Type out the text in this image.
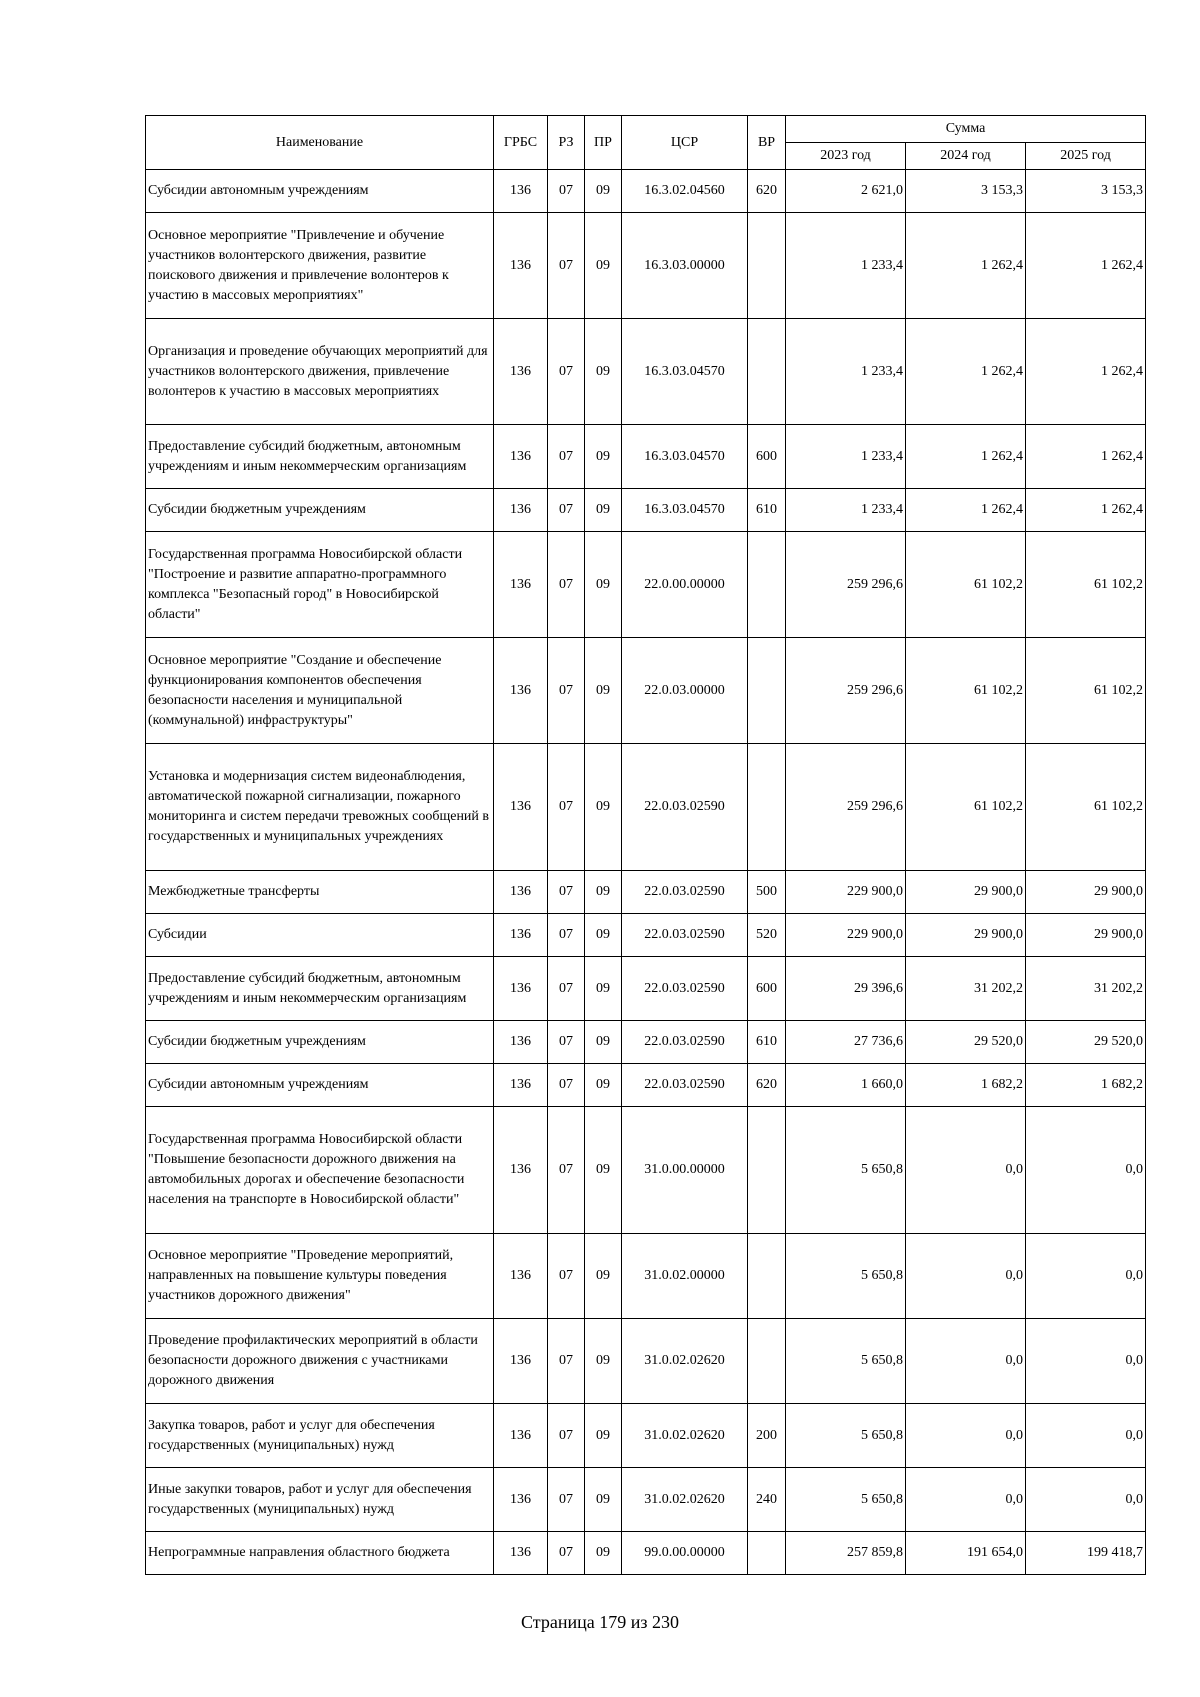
Наименование	ГРБС	РЗ	ПР	ЦСР	ВР	Сумма		
						2023 год	2024 год	2025 год
Субсидии автономным учреждениям	136	07	09	16.3.02.04560	620	2 621,0	3 153,3	3 153,3
Основное мероприятие "Привлечение и обучение участников волонтерского движения, развитие поискового движения и привлечение волонтеров к участию в массовых мероприятиях"	136	07	09	16.3.03.00000		1 233,4	1 262,4	1 262,4
Организация и проведение обучающих мероприятий для участников волонтерского движения, привлечение волонтеров к участию в массовых мероприятиях	136	07	09	16.3.03.04570		1 233,4	1 262,4	1 262,4
Предоставление субсидий бюджетным, автономным учреждениям и иным некоммерческим организациям	136	07	09	16.3.03.04570	600	1 233,4	1 262,4	1 262,4
Субсидии бюджетным учреждениям	136	07	09	16.3.03.04570	610	1 233,4	1 262,4	1 262,4
Государственная программа Новосибирской области "Построение и развитие аппаратно-программного комплекса "Безопасный город" в Новосибирской области"	136	07	09	22.0.00.00000		259 296,6	61 102,2	61 102,2
Основное мероприятие "Создание и обеспечение функционирования компонентов обеспечения безопасности населения и муниципальной (коммунальной) инфраструктуры"	136	07	09	22.0.03.00000		259 296,6	61 102,2	61 102,2
Установка и модернизация систем видеонаблюдения, автоматической пожарной сигнализации, пожарного мониторинга и систем передачи тревожных сообщений в государственных и муниципальных учреждениях	136	07	09	22.0.03.02590		259 296,6	61 102,2	61 102,2
Межбюджетные трансферты	136	07	09	22.0.03.02590	500	229 900,0	29 900,0	29 900,0
Субсидии	136	07	09	22.0.03.02590	520	229 900,0	29 900,0	29 900,0
Предоставление субсидий бюджетным, автономным учреждениям и иным некоммерческим организациям	136	07	09	22.0.03.02590	600	29 396,6	31 202,2	31 202,2
Субсидии бюджетным учреждениям	136	07	09	22.0.03.02590	610	27 736,6	29 520,0	29 520,0
Субсидии автономным учреждениям	136	07	09	22.0.03.02590	620	1 660,0	1 682,2	1 682,2
Государственная программа Новосибирской области "Повышение безопасности дорожного движения на автомобильных дорогах и обеспечение безопасности населения на транспорте в Новосибирской области"	136	07	09	31.0.00.00000		5 650,8	0,0	0,0
Основное мероприятие "Проведение мероприятий, направленных на повышение культуры поведения участников дорожного движения"	136	07	09	31.0.02.00000		5 650,8	0,0	0,0
Проведение профилактических мероприятий в области безопасности дорожного движения с участниками дорожного движения	136	07	09	31.0.02.02620		5 650,8	0,0	0,0
Закупка товаров, работ и услуг для обеспечения государственных (муниципальных) нужд	136	07	09	31.0.02.02620	200	5 650,8	0,0	0,0
Иные закупки товаров, работ и услуг для обеспечения государственных (муниципальных) нужд	136	07	09	31.0.02.02620	240	5 650,8	0,0	0,0
Непрограммные направления областного бюджета	136	07	09	99.0.00.00000		257 859,8	191 654,0	199 418,7
Страница 179 из 230
